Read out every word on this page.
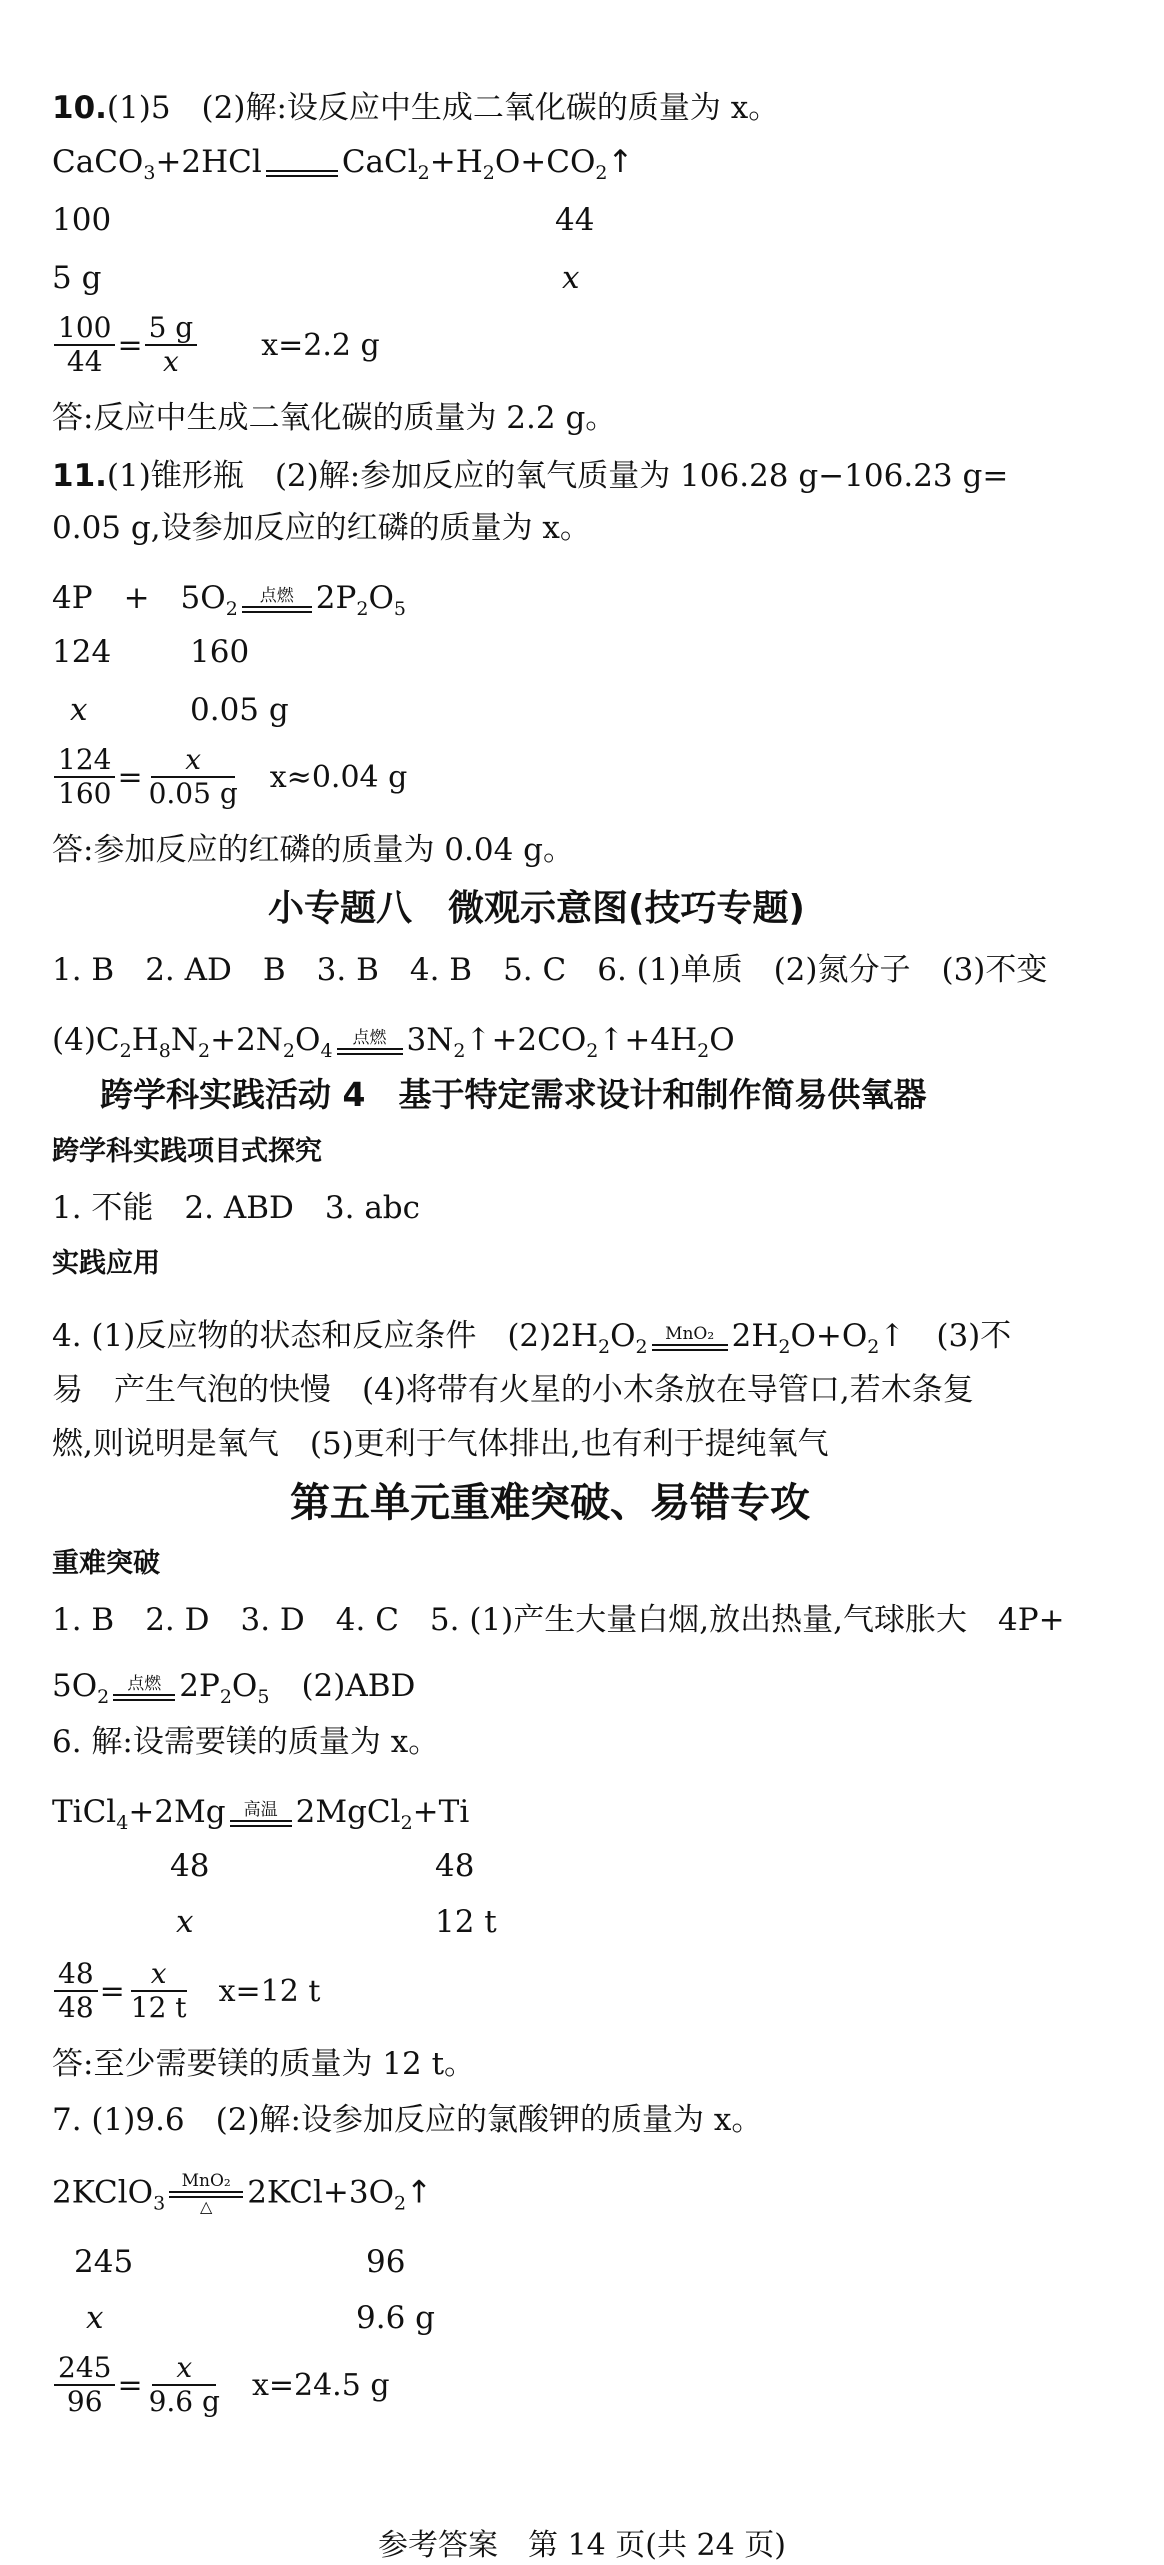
10.(1)5　(2)解:设反应中生成二氧化碳的质量为 x。
CaCO$_3$+2HCl
	$CaCl_2+H_2O+CO_2↑$
100	44
5 g	x
$\frac{100}{44} = \frac{5 g}{x} x=2.2$ g
答:反应中生成二氧化碳的质量为 2.2 g。
11.(1)锥形瓶　(2)解:参加反应的氧气质量为 106.28 g−106.23 g=
0.05 g,设参加反应的红磷的质量为 x。
4P　+　$5O_2$
点燃 $2P_2O_5$
124	160
x	0.05 g
$\frac{124}{160} = \frac{x}{0.05 g} x\approx 0.04$ g
答:参加反应的红磷的质量为 0.04 g。
小专题八　微观示意图(技巧专题)
1. B　2. AD　B　3. B　4. B　5. C　6. (1)单质　(2)氮分子　(3)不变
$(4)C_2H_8N_2+2N_2O_4$
点燃 $3N_2↑+2CO_2↑+4H_2O$
跨学科实践活动 4　基于特定需求设计和制作简易供氧器
跨学科实践项目式探究
1. 不能　2. ABD　3. abc
实践应用
4. (1)反应物的状态和反应条件　$(2)2H_2O_2$
MnO₂ $2H_2O+O_2↑$　(3)不
易　产生气泡的快慢　(4)将带有火星的小木条放在导管口,若木条复
燃,则说明是氧气　(5)更利于气体排出,也有利于提纯氧气
第五单元重难突破、易错专攻
重难突破
1. B　2. D　3. D　4. C　5. (1)产生大量白烟,放出热量,气球胀大　4P+
$5O_2$
点燃 $2P_2O_5$ (2)ABD
6. 解:设需要镁的质量为 x。
TiCl$_4$+2Mg	高温 2MgCl$_2$+Ti
48	48
x	12 t
$\frac{48}{48} = \frac{x}{12 t} x=12$ t
答:至少需要镁的质量为 12 t。
7. (1)9.6　(2)解:设参加反应的氯酸钾的质量为 x。
2KClO$_3$
MnO₂
△ $2KCl+3O_2↑$
245	96
x	9.6 g
$\frac{245}{96} = \frac{x}{9.6 g} x=24.5$ g
参考答案　第 14 页(共 24 页)
